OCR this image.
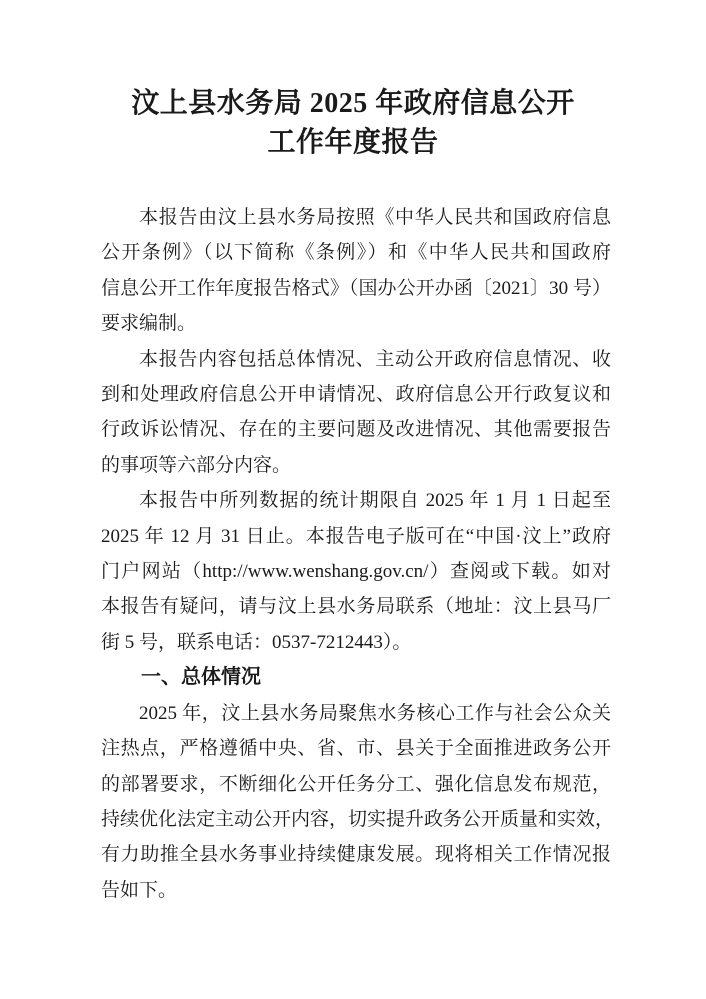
汶上县水务局 2025 年政府信息公开
工作年度报告
本报告由汶上县水务局按照《中华人民共和国政府信息
公开条例》（以下简称《条例》）和《中华人民共和国政府
信息公开工作年度报告格式》（国办公开办函〔2021〕30 号）
要求编制。
本报告内容包括总体情况、主动公开政府信息情况、收
到和处理政府信息公开申请情况、政府信息公开行政复议和
行政诉讼情况、存在的主要问题及改进情况、其他需要报告
的事项等六部分内容。
本报告中所列数据的统计期限自 2025 年 1 月 1 日起至
2025 年 12 月 31 日止。本报告电子版可在“中国·汶上”政府
门户网站（http://www.wenshang.gov.cn/）查阅或下载。如对
本报告有疑问，请与汶上县水务局联系（地址：汶上县马厂
街 5 号，联系电话：0537-7212443）。
一、总体情况
2025 年，汶上县水务局聚焦水务核心工作与社会公众关
注热点，严格遵循中央、省、市、县关于全面推进政务公开
的部署要求，不断细化公开任务分工、强化信息发布规范，
持续优化法定主动公开内容，切实提升政务公开质量和实效，
有力助推全县水务事业持续健康发展。现将相关工作情况报
告如下。
